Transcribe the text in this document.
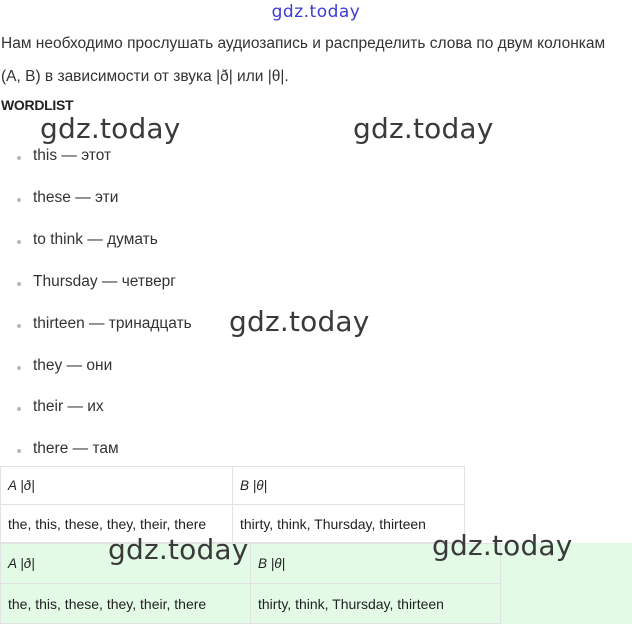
gdz.today
Нам необходимо прослушать аудиозапись и распределить слова по двум колонкам (А, В) в зависимости от звука |ð| или |θ|.
WORDLIST
this — этот
these — эти
to think — думать
Thursday — четверг
thirteen — тринадцать
they — они
their — их
there — там
A |ð|	B |θ|
the, this, these, they, their, there	thirty, think, Thursday, thirteen
A |ð|	B |θ|
the, this, these, they, their, there	thirty, think, Thursday, thirteen
gdz.today	gdz.today
gdz.today
gdz.today	gdz.today
